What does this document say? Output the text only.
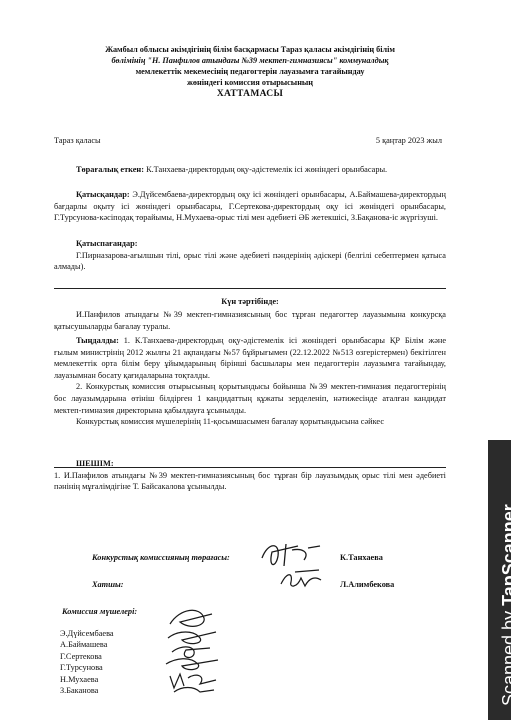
Жамбыл облысы әкімдігінің білім басқармасы Тараз қаласы әкімдігінің білім
бөлімінің "Н. Панфилов атындағы №39 мектеп-гимназиясы" коммуналдық
мемлекеттік мекемесінің педагогтерін лауазымға тағайындау
жөніндегі комиссия отырысының
ХАТТАМАСЫ
Тараз қаласы	5 қаңтар 2023 жыл

Төрағалық еткен: К.Танхаева-директордың оқу-әдістемелік ісі жөніндегі орынбасары.

Қатысқандар: Э.Дүйсембаева-директордың оқу ісі жөніндегі орынбасары, А.Баймашева-директордың бағдарлы оқыту ісі жөніндегі орынбасары, Г.Сертекова-директордың оқу ісі жөніндегі орынбасары, Г.Турсунова-кәсіподақ төрайымы, Н.Мухаева-орыс тілі мен әдебиеті ӘБ жетекшісі, З.Бақанова-іс жүргізуші.

Қатыспағандар:

Г.Пирназарова-ағылшын тілі, орыс тілі және әдебиеті пәндерінің әдіскері (белгілі себептермен қатыса алмады).

Күн тәртібінде:

И.Панфилов атындағы №39 мектеп-гимназиясының бос тұрған педагогтер лауазымына конкурсқа қатысушыларды бағалау туралы.

Тыңдалды: 1. К.Танхаева-директордың оқу-әдістемелік ісі жөніндегі орынбасары ҚР Білім және ғылым министрінің 2012 жылғы 21 ақпандағы №57 бұйрығымен (22.12.2022 №513 өзгерістермен) бекітілген мемлекеттік орта білім беру ұйымдарының бірінші басшылары мен педагогтерін лауазымға тағайындау, лауазымнан босату қағидаларына тоқталды.

2. Конкурстық комиссия отырысының қорытындысы бойынша №39 мектеп-гимназия педагогтерінің бос лауазымдарына өтініш білдірген 1 кандидаттың құжаты зерделеніп, нәтижесінде аталған кандидат мектеп-гимназия директорына қабылдауға ұсынылды.

Конкурстық комиссия мүшелерінің 11-қосымшасымен бағалау қорытындысына сәйкес

ШЕШІМ:

1. И.Панфилов атындағы №39 мектеп-гимназиясының бос тұрған бір лауазымдық орыс тілі мен әдебиеті пәнінің мұғалімдігіне Т. Байсакалова ұсынылды.

Конкурстық комиссияның төрағасы:	К.Танхаева
Хатшы:	Л.Алимбекова
Комиссия мүшелері:
Э.Дүйсембаева
А.Баймашева
Г.Сертекова
Г.Турсунова
Н.Мухаева
З.Баканова	Scanned by TapScanner
